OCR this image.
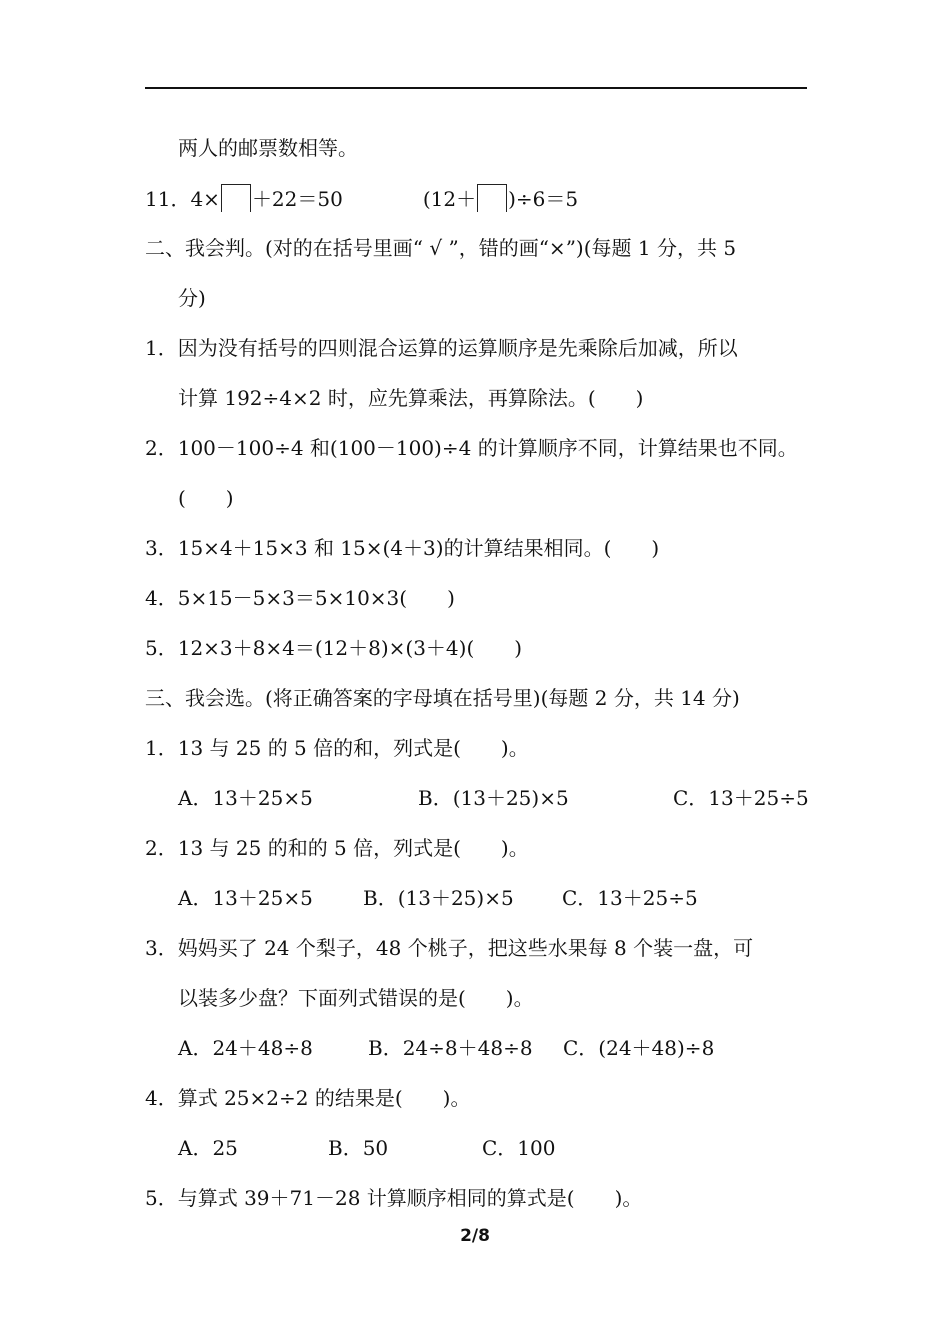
两人的邮票数相等。
11．4× ＋22＝50	(12＋ )÷6＝5
二、我会判。(对的在括号里画“ √ ”，错的画“×”)(每题 1 分，共 5
分)
1．因为没有括号的四则混合运算的运算顺序是先乘除后加减，所以
计算 192÷4×2 时，应先算乘法，再算除法。(　　)
2．100－100÷4 和(100－100)÷4 的计算顺序不同，计算结果也不同。
(　　)
3．15×4＋15×3 和 15×(4＋3)的计算结果相同。(　　)
4．5×15－5×3＝5×10×3(　　)
5．12×3＋8×4＝(12＋8)×(3＋4)(　　)
三、我会选。(将正确答案的字母填在括号里)(每题 2 分，共 14 分)
1．13 与 25 的 5 倍的和，列式是(　　)。
A．13＋25×5	B．(13＋25)×5	C．13＋25÷5
2．13 与 25 的和的 5 倍，列式是(　　)。
A．13＋25×5	B．(13＋25)×5 C．13＋25÷5
3．妈妈买了 24 个梨子，48 个桃子，把这些水果每 8 个装一盘，可
以装多少盘？下面列式错误的是(　　)。
A．24＋48÷8	B．24÷8＋48÷8 C．(24＋48)÷8
4．算式 25×2÷2 的结果是(　　)。
A．25	B．50	C．100
5．与算式 39＋71－28 计算顺序相同的算式是(　　)。
2/8
